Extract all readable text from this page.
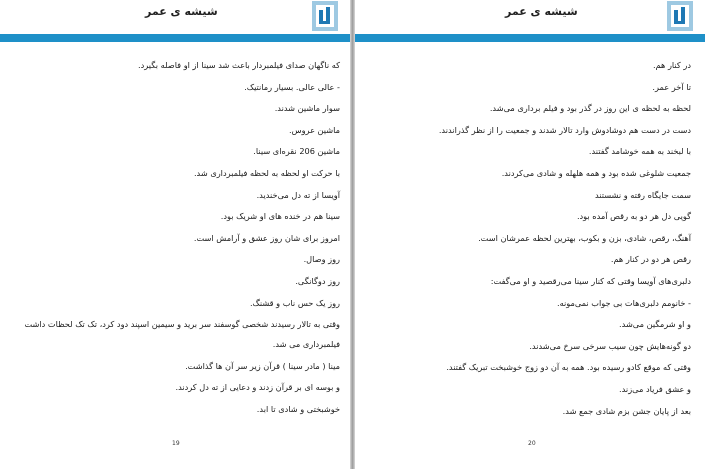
شیشه ی عمر

که ناگهان صدای فیلمبردار باعث شد سینا از او فاصله بگیرد.

- عالی عالی. بسیار رمانتیک.

سوار ماشین شدند.

ماشین عروس.

ماشین 206 نقره‌ای سینا.

با حرکت او لحظه به لحظه فیلمبرداری شد.

آویسا از ته دل می‌خندید.

سینا هم در خنده های او شریک بود.

امروز برای شان روز عشق و آرامش است.

روز وصال.

روز دوگانگی.

روز یک حس ناب و قشنگ.

وقتی به تالار رسیدند شخصی گوسفند سر برید و سیمین اسپند دود کرد، تک تک لحظات داشت

فیلمبرداری می شد.

مینا ( مادر سینا ) قرآن زیر سر آن ها گذاشت.

و بوسه ای بر قرآن زدند و دعایی از ته دل کردند.

خوشبختی و شادی تا ابد.

19
شیشه ی عمر

در کنار هم.

تا آخر عمر.

لحظه به لحظه ی این روز در گذر بود و فیلم برداری می‌شد.

دست در دست هم دوشادوش وارد تالار شدند و جمعیت را از نظر گذراندند.

با لبخند به همه خوشامد گفتند.

جمعیت شلوغی شده بود و همه هلهله و شادی می‌کردند.

سمت جایگاه رفته و نشستند

گویی دل هر دو به رقص آمده بود.

آهنگ، رقص، شادی، بزن و بکوب، بهترین لحظه عمرشان است.

رقص هر دو در کنار هم.

دلبری‌های آویسا وقتی که کنار سینا می‌رقصید و او می‌گفت:

- خانومم دلبری‌هات بی جواب نمی‌مونه.

و او شرمگین می‌شد.

دو گونه‌هایش چون سیب سرخی سرخ می‌شدند.

وقتی که موقع کادو رسیده بود. همه به آن دو زوج خوشبخت تبریک گفتند.

و عشق فریاد می‌زند.

بعد از پایان جشن بزم شادی جمع شد.

20
